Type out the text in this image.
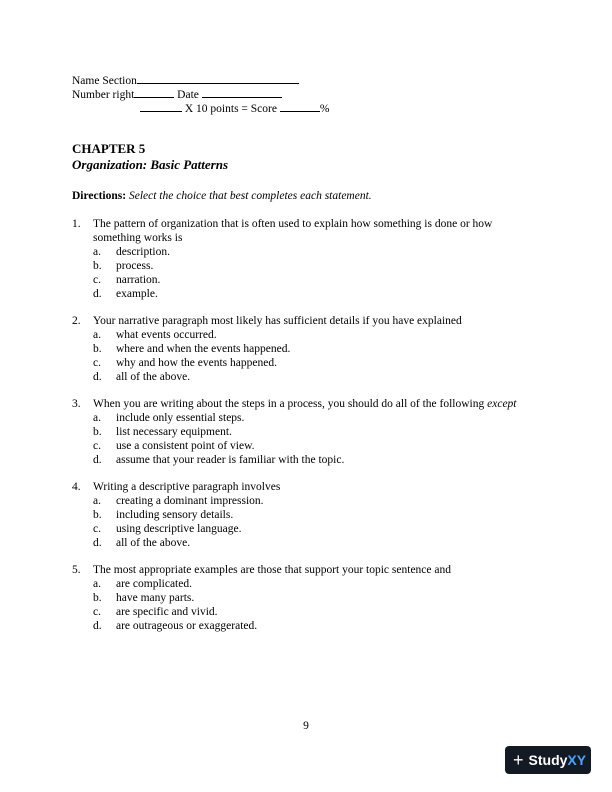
Name Section
Number right	Date
X 10 points = Score	%
CHAPTER 5
Organization: Basic Patterns
Directions: Select the choice that best completes each statement.
1. The pattern of organization that is often used to explain how something is done or how something works is
a. description.
b. process.
c. narration.
d. example.
2. Your narrative paragraph most likely has sufficient details if you have explained
a. what events occurred.
b. where and when the events happened.
c. why and how the events happened.
d. all of the above.
3. When you are writing about the steps in a process, you should do all of the following except
a. include only essential steps.
b. list necessary equipment.
c. use a consistent point of view.
d. assume that your reader is familiar with the topic.
4. Writing a descriptive paragraph involves
a. creating a dominant impression.
b. including sensory details.
c. using descriptive language.
d. all of the above.
5. The most appropriate examples are those that support your topic sentence and
a. are complicated.
b. have many parts.
c. are specific and vivid.
d. are outrageous or exaggerated.
9
+ Study XY
